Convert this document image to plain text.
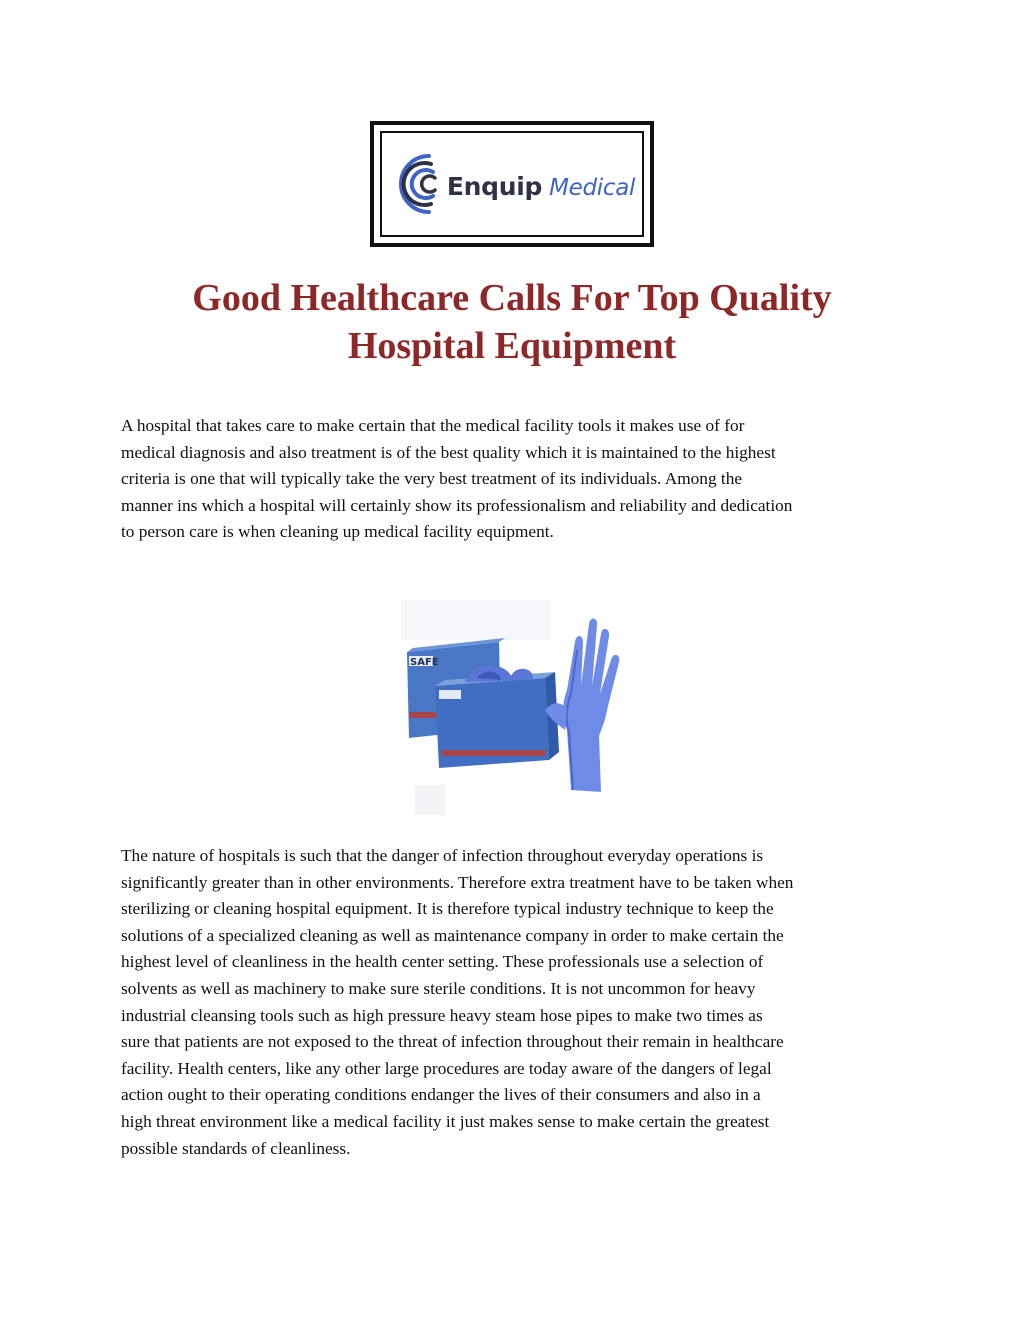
Enquip Medical
Good Healthcare Calls For Top Quality
Hospital Equipment

A hospital that takes care to make certain that the medical facility tools it makes use of for
medical diagnosis and also treatment is of the best quality which it is maintained to the highest
criteria is one that will typically take the very best treatment of its individuals. Among the
manner ins which a hospital will certainly show its professionalism and reliability and dedication
to person care is when cleaning up medical facility equipment.

SAFE

The nature of hospitals is such that the danger of infection throughout everyday operations is
significantly greater than in other environments. Therefore extra treatment have to be taken when
sterilizing or cleaning hospital equipment. It is therefore typical industry technique to keep the
solutions of a specialized cleaning as well as maintenance company in order to make certain the
highest level of cleanliness in the health center setting. These professionals use a selection of
solvents as well as machinery to make sure sterile conditions. It is not uncommon for heavy
industrial cleansing tools such as high pressure heavy steam hose pipes to make two times as
sure that patients are not exposed to the threat of infection throughout their remain in healthcare
facility. Health centers, like any other large procedures are today aware of the dangers of legal
action ought to their operating conditions endanger the lives of their consumers and also in a
high threat environment like a medical facility it just makes sense to make certain the greatest
possible standards of cleanliness.
